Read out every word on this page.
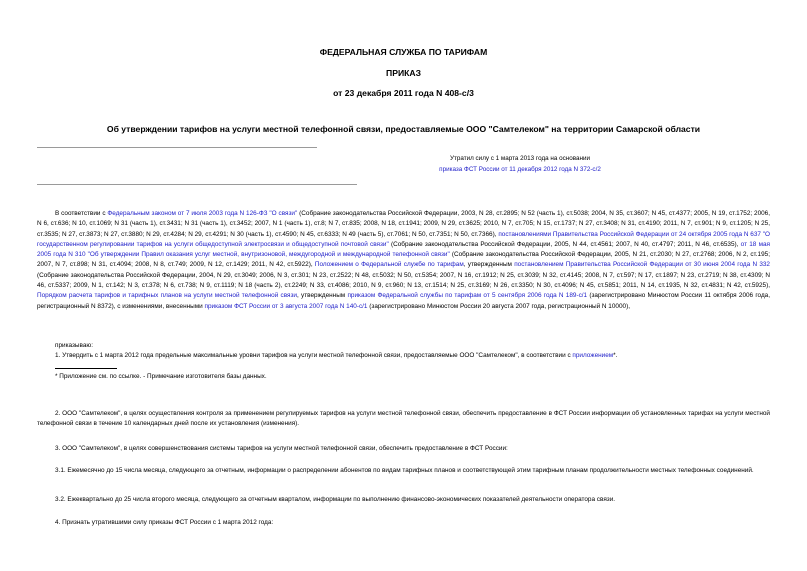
ФЕДЕРАЛЬНАЯ СЛУЖБА ПО ТАРИФАМ
ПРИКАЗ
от 23 декабря 2011 года N 408-с/3
Об утверждении тарифов на услуги местной телефонной связи, предоставляемые ООО "Самтелеком" на территории Самарской области
Утратил силу с 1 марта 2013 года на основании
приказа ФСТ России от 11 декабря 2012 года N 372-с/2
В соответствии с Федеральным законом от 7 июля 2003 года N 126-ФЗ "О связи" (Собрание законодательства Российской Федерации, 2003, N 28, ст.2895; N 52 (часть 1), ст.5038; 2004, N 35, ст.3607; N 45, ст.4377; 2005, N 19, ст.1752; 2006, N 6, ст.636; N 10, ст.1069; N 31 (часть 1), ст.3431; N 31 (часть 1), ст.3452; 2007, N 1 (часть 1), ст.8; N 7, ст.835; 2008, N 18, ст.1941; 2009, N 29, ст.3625; 2010, N 7, ст.705; N 15, ст.1737; N 27, ст.3408; N 31, ст.4190; 2011, N 7, ст.901; N 9, ст.1205; N 25, ст.3535; N 27, ст.3873; N 27, ст.3880; N 29, ст.4284; N 29, ст.4291; N 30 (часть 1), ст.4590; N 45, ст.6333; N 49 (часть 5), ст.7061; N 50, ст.7351; N 50, ст.7366), постановлениями Правительства Российской Федерации от 24 октября 2005 года N 637 "О государственном регулировании тарифов на услуги общедоступной электросвязи и общедоступной почтовой связи" (Собрание законодательства Российской Федерации, 2005, N 44, ст.4561; 2007, N 40, ст.4797; 2011, N 46, ст.6535), от 18 мая 2005 года N 310 "Об утверждении Правил оказания услуг местной, внутризоновой, междугородной и международной телефонной связи" (Собрание законодательства Российской Федерации, 2005, N 21, ст.2030; N 27, ст.2768; 2006, N 2, ст.195; 2007, N 7, ст.898; N 31, ст.4094; 2008, N 8, ст.749; 2009, N 12, ст.1429; 2011, N 42, ст.5922), Положением о Федеральной службе по тарифам, утвержденным постановлением Правительства Российской Федерации от 30 июня 2004 года N 332 (Собрание законодательства Российской Федерации, 2004, N 29, ст.3049; 2006, N 3, ст.301; N 23, ст.2522; N 48, ст.5032; N 50, ст.5354; 2007, N 16, ст.1912; N 25, ст.3039; N 32, ст.4145; 2008, N 7, ст.597; N 17, ст.1897; N 23, ст.2719; N 38, ст.4309; N 46, ст.5337; 2009, N 1, ст.142; N 3, ст.378; N 6, ст.738; N 9, ст.1119; N 18 (часть 2), ст.2249; N 33, ст.4086; 2010, N 9, ст.960; N 13, ст.1514; N 25, ст.3169; N 26, ст.3350; N 30, ст.4096; N 45, ст.5851; 2011, N 14, ст.1935, N 32, ст.4831; N 42, ст.5925), Порядком расчета тарифов и тарифных планов на услуги местной телефонной связи, утвержденным приказом Федеральной службы по тарифам от 5 сентября 2006 года N 189-с/1 (зарегистрировано Минюстом России 11 октября 2006 года, регистрационный N 8372), с изменениями, внесенными приказом ФСТ России от 3 августа 2007 года N 140-с/1 (зарегистрировано Минюстом России 20 августа 2007 года, регистрационный N 10000),
приказываю:
1. Утвердить с 1 марта 2012 года предельные максимальные уровни тарифов на услуги местной телефонной связи, предоставляемые ООО "Самтелеком", в соответствии с приложением*.
* Приложение см. по ссылке. - Примечание изготовителя базы данных.
2. ООО "Самтелеком", в целях осуществления контроля за применением регулируемых тарифов на услуги местной телефонной связи, обеспечить предоставление в ФСТ России информации об установленных тарифах на услуги местной телефонной связи в течение 10 календарных дней после их установления (изменения).
3. ООО "Самтелеком", в целях совершенствования системы тарифов на услуги местной телефонной связи, обеспечить предоставление в ФСТ России:
3.1. Ежемесячно до 15 числа месяца, следующего за отчетным, информации о распределении абонентов по видам тарифных планов и соответствующей этим тарифным планам продолжительности местных телефонных соединений.
3.2. Ежеквартально до 25 числа второго месяца, следующего за отчетным кварталом, информации по выполнению финансово-экономических показателей деятельности оператора связи.
4. Признать утратившими силу приказы ФСТ России с 1 марта 2012 года:
